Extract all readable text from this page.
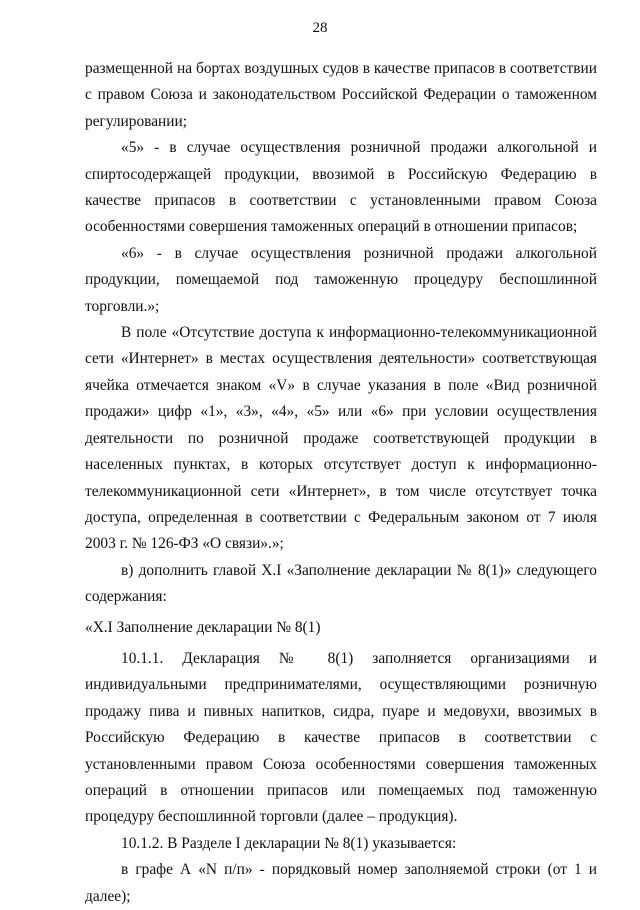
28

размещенной на бортах воздушных судов в качестве припасов в соответствии с правом Союза и законодательством Российской Федерации о таможенном регулировании;

«5» - в случае осуществления розничной продажи алкогольной и спиртосодержащей продукции, ввозимой в Российскую Федерацию в качестве припасов в соответствии с установленными правом Союза особенностями совершения таможенных операций в отношении припасов;

«6» - в случае осуществления розничной продажи алкогольной продукции, помещаемой под таможенную процедуру беспошлинной торговли.»;

В поле «Отсутствие доступа к информационно-телекоммуникационной сети «Интернет» в местах осуществления деятельности» соответствующая ячейка отмечается знаком «V» в случае указания в поле «Вид розничной продажи» цифр «1», «3», «4», «5» или «6» при условии осуществления деятельности по розничной продаже соответствующей продукции в населенных пунктах, в которых отсутствует доступ к информационно-телекоммуникационной сети «Интернет», в том числе отсутствует точка доступа, определенная в соответствии с Федеральным законом от 7 июля 2003 г. № 126-ФЗ «О связи».»;

в) дополнить главой X.I «Заполнение декларации № 8(1)» следующего содержания:

«X.I Заполнение декларации № 8(1)

10.1.1. Декларация № 8(1) заполняется организациями и индивидуальными предпринимателями, осуществляющими розничную продажу пива и пивных напитков, сидра, пуаре и медовухи, ввозимых в Российскую Федерацию в качестве припасов в соответствии с установленными правом Союза особенностями совершения таможенных операций в отношении припасов или помещаемых под таможенную процедуру беспошлинной торговли (далее – продукция).

10.1.2. В Разделе I декларации № 8(1) указывается:

в графе А «N п/п» - порядковый номер заполняемой строки (от 1 и далее);
